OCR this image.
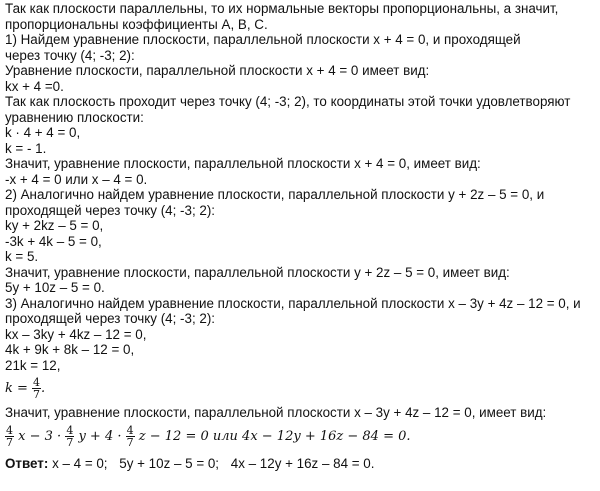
Так как плоскости параллельны, то их нормальные векторы пропорциональны, а значит,
пропорциональны коэффициенты A, B, C.
1) Найдем уравнение плоскости, параллельной плоскости x + 4 = 0, и проходящей
через точку (4; -3; 2):
Уравнение плоскости, параллельной плоскости x + 4 = 0 имеет вид:
kx + 4 =0.
Так как плоскость проходит через точку (4; -3; 2), то координаты этой точки удовлетворяют
уравнению плоскости:
k · 4 + 4 = 0,
k = - 1.
Значит, уравнение плоскости, параллельной плоскости x + 4 = 0, имеет вид:
-x + 4 = 0 или x – 4 = 0.
2) Аналогично найдем уравнение плоскости, параллельной плоскости y + 2z – 5 = 0, и
проходящей через точку (4; -3; 2):
ky + 2kz – 5 = 0,
-3k + 4k – 5 = 0,
k = 5.
Значит, уравнение плоскости, параллельной плоскости y + 2z – 5 = 0, имеет вид:
5y + 10z – 5 = 0.
3) Аналогично найдем уравнение плоскости, параллельной плоскости x – 3y + 4z – 12 = 0, и
проходящей через точку (4; -3; 2):
kx – 3ky + 4kz – 12 = 0,
4k + 9k + 8k – 12 = 0,
21k = 12,
$k = \frac{4}{7}$ .
Значит, уравнение плоскости, параллельной плоскости x – 3y + 4z – 12 = 0, имеет вид:
$\frac{4}{7}$ $x - 3 \cdot \frac{4}{7}$ $y + 4 \cdot \frac{4}{7}$ z − 12 = 0 или 4x − 12y + 16z − 84 = 0.
Ответ: x – 4 = 0; 5y + 10z – 5 = 0; 4x – 12y + 16z – 84 = 0.
